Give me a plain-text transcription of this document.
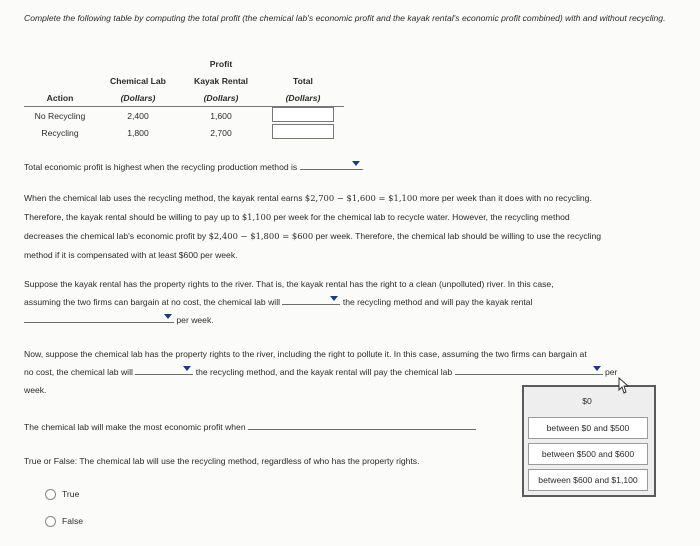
Complete the following table by computing the total profit (the chemical lab's economic profit and the kayak rental's economic profit combined) with and without recycling.
		Profit	
	Chemical Lab	Kayak Rental	Total
Action	(Dollars)	(Dollars)	(Dollars)
No Recycling	2,400	1,600	
Recycling	1,800	2,700	
Total economic profit is highest when the recycling production method is	.
When the chemical lab uses the recycling method, the kayak rental earns $2,700 − $1,600 = $1,100 more per week than it does with no recycling.
Therefore, the kayak rental should be willing to pay up to $1,100 per week for the chemical lab to recycle water. However, the recycling method
decreases the chemical lab's economic profit by $2,400 − $1,800 = $600 per week. Therefore, the chemical lab should be willing to use the recycling
method if it is compensated with at least $600 per week.
Suppose the kayak rental has the property rights to the river. That is, the kayak rental has the right to a clean (unpolluted) river. In this case,
assuming the two firms can bargain at no cost, the chemical lab will	the recycling method and will pay the kayak rental
per week.
Now, suppose the chemical lab has the property rights to the river, including the right to pollute it. In this case, assuming the two firms can bargain at
no cost, the chemical lab will	the recycling method, and the kayak rental will pay the chemical lab	per
week.
The chemical lab will make the most economic profit when
True or False: The chemical lab will use the recycling method, regardless of who has the property rights.
True
False
$0
between $0 and $500
between $500 and $600
between $600 and $1,100
